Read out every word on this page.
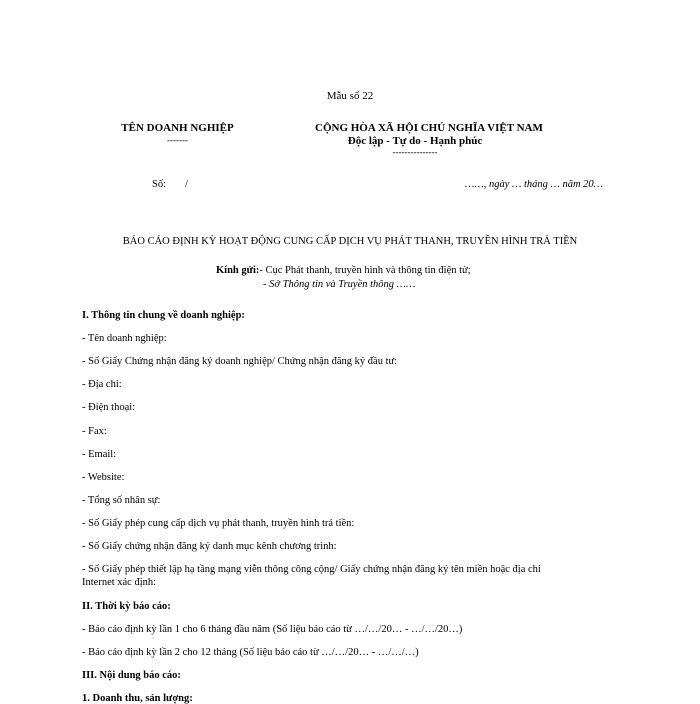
Mẫu số 22
TÊN DOANH NGHIỆP
-------
CỘNG HÒA XÃ HỘI CHỦ NGHĨA VIỆT NAM
Độc lập - Tự do - Hạnh phúc
---------------
Số: /	……, ngày … tháng … năm 20…
BÁO CÁO ĐỊNH KỲ HOẠT ĐỘNG CUNG CẤP DỊCH VỤ PHÁT THANH, TRUYỀN HÌNH TRẢ TIỀN
Kính gửi:- Cục Phát thanh, truyền hình và thông tin điện tử;
- Sở Thông tin và Truyền thông ……
I. Thông tin chung về doanh nghiệp:
- Tên doanh nghiệp:
- Số Giấy Chứng nhận đăng ký doanh nghiệp/ Chứng nhận đăng ký đầu tư:
- Địa chỉ:
- Điện thoại:
- Fax:
- Email:
- Website:
- Tổng số nhân sự:
- Số Giấy phép cung cấp dịch vụ phát thanh, truyền hình trả tiền:
- Số Giấy chứng nhận đăng ký danh mục kênh chương trình:
- Số Giấy phép thiết lập hạ tầng mạng viễn thông công cộng/ Giấy chứng nhận đăng ký tên miền hoặc địa chỉ
Internet xác định:
II. Thời kỳ báo cáo:
- Báo cáo định kỳ lần 1 cho 6 tháng đầu năm (Số liệu báo cáo từ …/…/20… - …/…/20…)
- Báo cáo định kỳ lần 2 cho 12 tháng (Số liệu báo cáo từ …/…/20… - …/…/…)
III. Nội dung báo cáo:
1. Doanh thu, sản lượng:
